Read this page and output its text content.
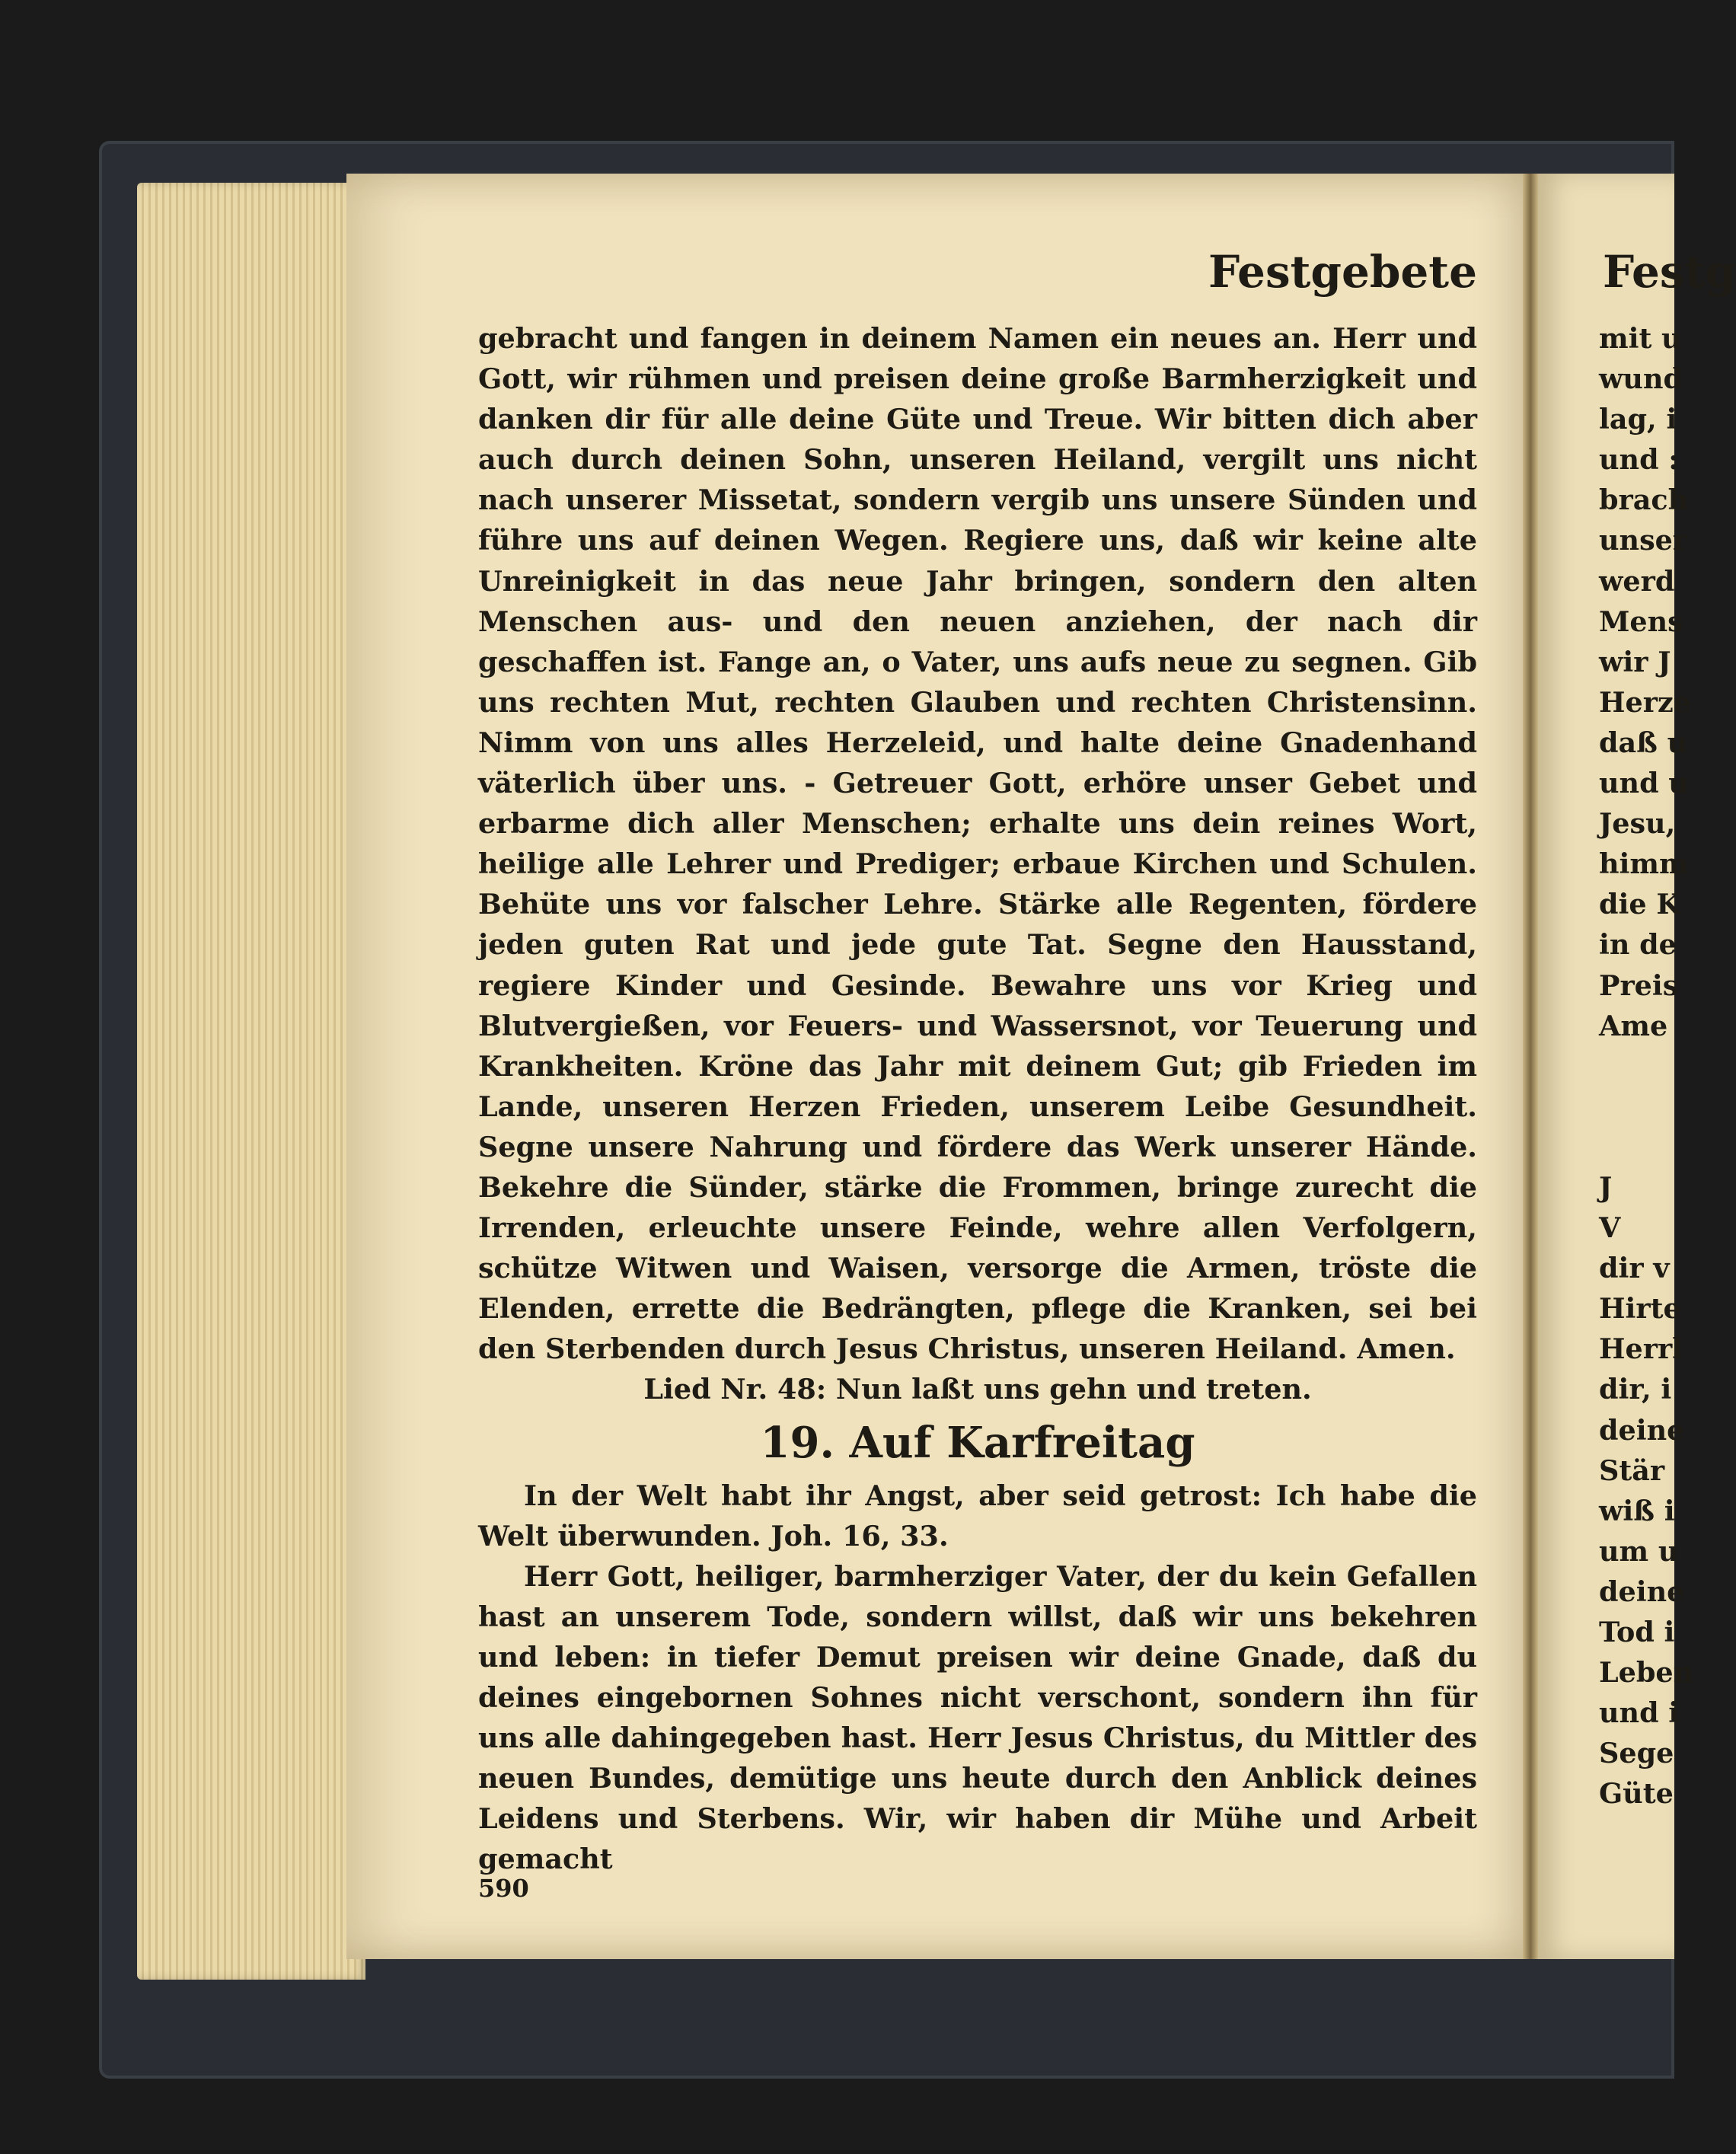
Festgebete

gebracht und fangen in deinem Namen ein neues an. Herr und Gott, wir rühmen und preisen deine große Barmherzigkeit und danken dir für alle deine Güte und Treue. Wir bitten dich aber auch durch deinen Sohn, unseren Heiland, vergilt uns nicht nach unserer Missetat, sondern vergib uns unsere Sünden und führe uns auf deinen Wegen. Regiere uns, daß wir keine alte Unreinigkeit in das neue Jahr bringen, sondern den alten Menschen aus- und den neuen anziehen, der nach dir geschaffen ist. Fange an, o Vater, uns aufs neue zu segnen. Gib uns rechten Mut, rechten Glauben und rechten Christensinn. Nimm von uns alles Herzeleid, und halte deine Gnadenhand väterlich über uns. - Getreuer Gott, erhöre unser Gebet und erbarme dich aller Menschen; erhalte uns dein reines Wort, heilige alle Lehrer und Prediger; erbaue Kirchen und Schulen. Behüte uns vor falscher Lehre. Stärke alle Regenten, fördere jeden guten Rat und jede gute Tat. Segne den Hausstand, regiere Kinder und Gesinde. Bewahre uns vor Krieg und Blutvergießen, vor Feuers- und Wassersnot, vor Teuerung und Krankheiten. Kröne das Jahr mit deinem Gut; gib Frieden im Lande, unseren Herzen Frieden, unserem Leibe Gesundheit. Segne unsere Nahrung und fördere das Werk unserer Hände. Bekehre die Sünder, stärke die Frommen, bringe zurecht die Irrenden, erleuchte unsere Feinde, wehre allen Verfolgern, schütze Witwen und Waisen, versorge die Armen, tröste die Elenden, errette die Bedrängten, pflege die Kranken, sei bei den Sterbenden durch Jesus Christus, unseren Heiland. Amen.

Lied Nr. 48: Nun laßt uns gehn und treten.

19. Auf Karfreitag

In der Welt habt ihr Angst, aber seid getrost: Ich habe die Welt überwunden. Joh. 16, 33.

Herr Gott, heiliger, barmherziger Vater, der du kein Gefallen hast an unserem Tode, sondern willst, daß wir uns bekehren und leben: in tiefer Demut preisen wir deine Gnade, daß du deines eingebornen Sohnes nicht verschont, sondern ihn für uns alle dahingegeben hast. Herr Jesus Christus, du Mittler des neuen Bundes, demütige uns heute durch den Anblick deines Leidens und Sterbens. Wir, wir haben dir Mühe und Arbeit gemacht

590
Festg
mit u
wund
lag, i
und :
brach
unser
werd
Mens
wir J
Herze
daß u
und u
Jesu,
himm
die K
in de
Preis
Ame
J
V
dir v
Hirte
Herrl
dir, i
deine
Stär
wiß i
um u
deine
Tod i
Leben
und i
Sege
Güte
